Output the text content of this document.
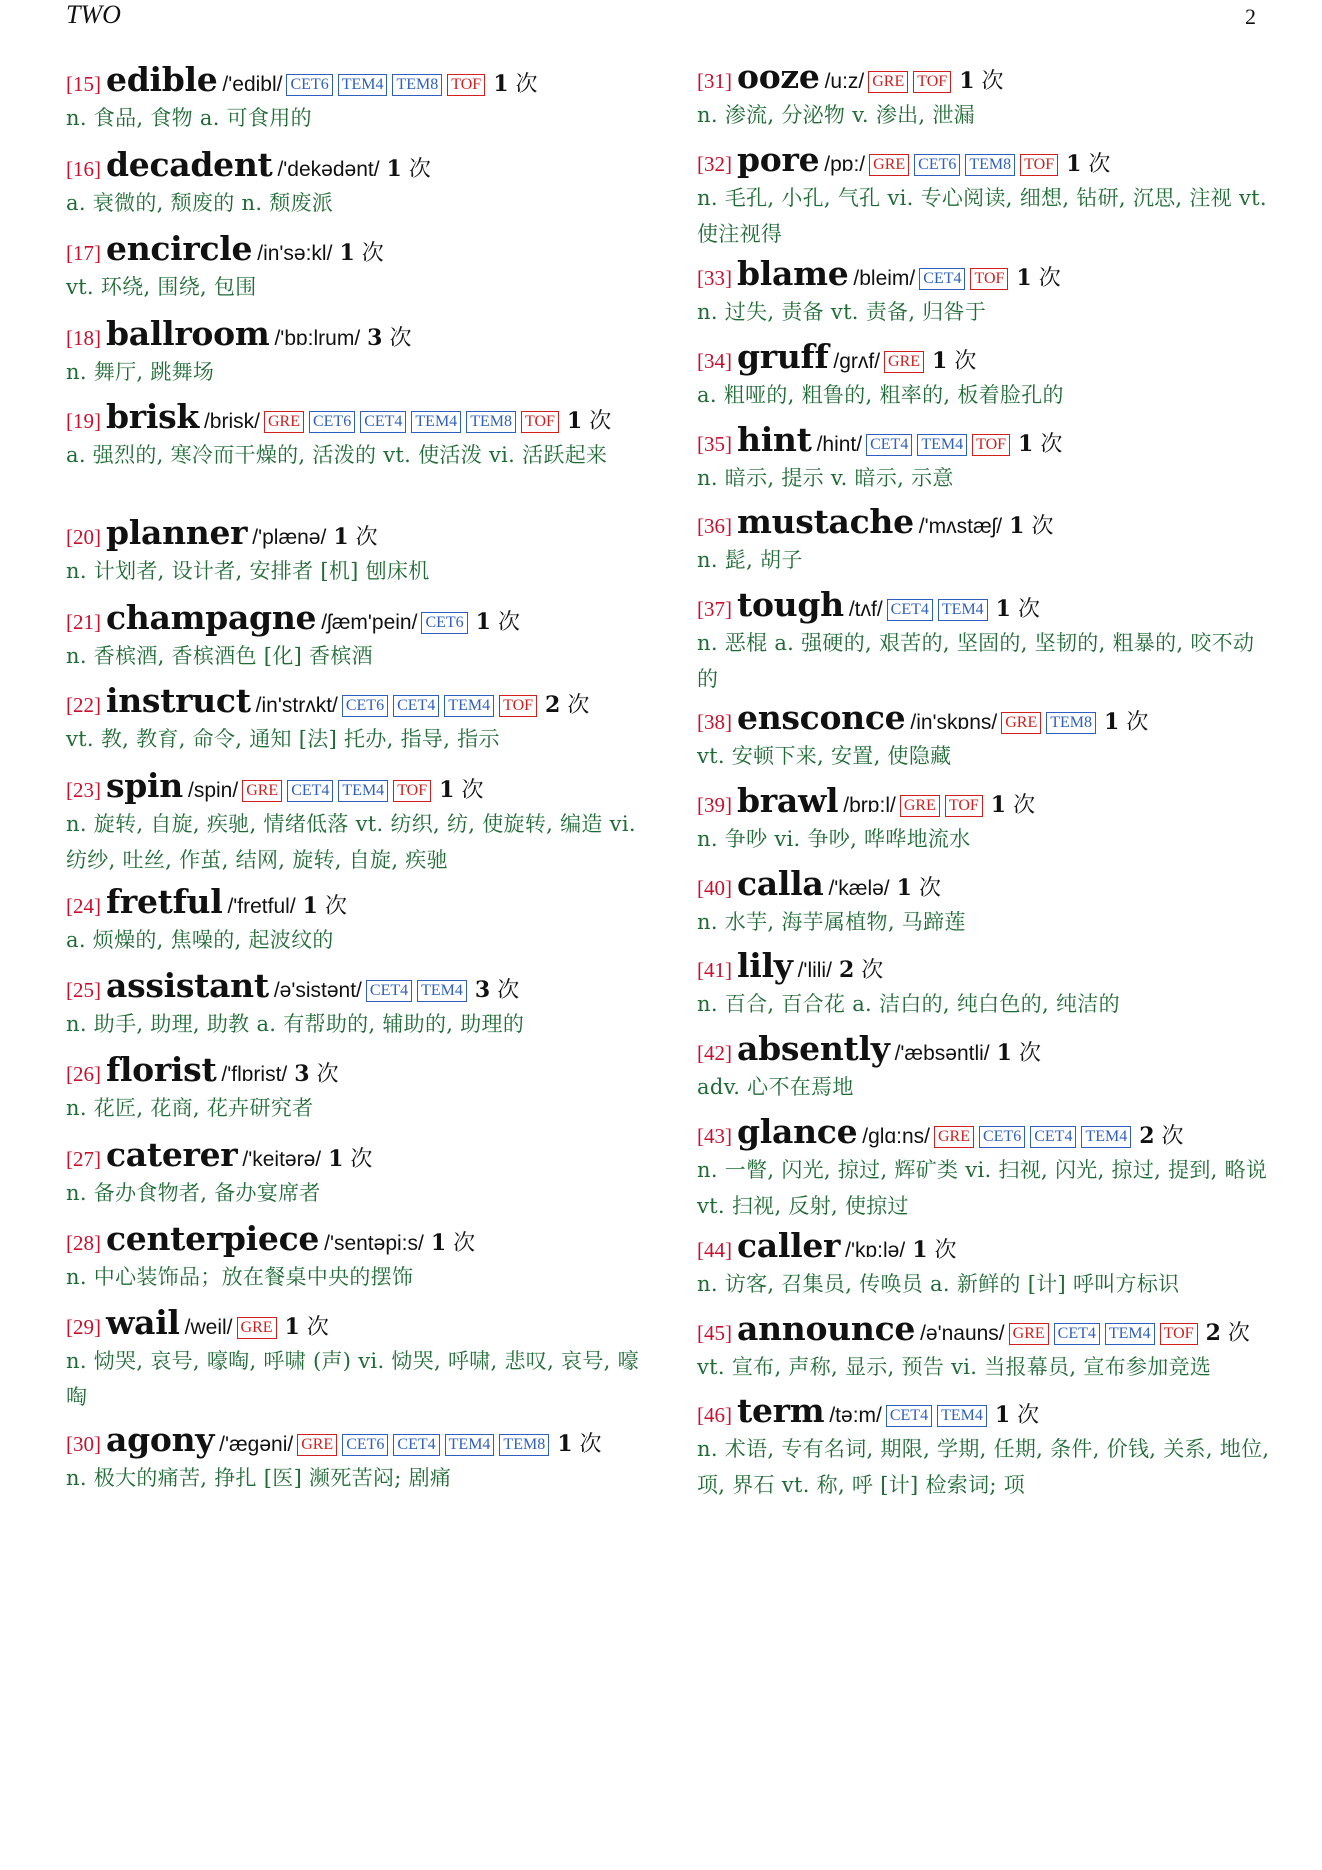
TWO	2
[15] edible /'edibl/ CET6 TEM4 TEM8 TOF 1 次
n. 食品, 食物 a. 可食用的
[16] decadent /'dekədənt/ 1 次
a. 衰微的, 颓废的 n. 颓废派
[17] encircle /in'sə:kl/ 1 次
vt. 环绕, 围绕, 包围
[18] ballroom /'bɒ:lrum/ 3 次
n. 舞厅, 跳舞场
[19] brisk /brisk/ GRE CET6 CET4 TEM4 TEM8 TOF 1 次
a. 强烈的, 寒冷而干燥的, 活泼的 vt. 使活泼 vi. 活跃起来
[20] planner /'plænə/ 1 次
n. 计划者, 设计者, 安排者 [机] 刨床机
[21] champagne /ʃæm'pein/ CET6 1 次
n. 香槟酒, 香槟酒色 [化] 香槟酒
[22] instruct /in'strʌkt/ CET6 CET4 TEM4 TOF 2 次
vt. 教, 教育, 命令, 通知 [法] 托办, 指导, 指示
[23] spin /spin/ GRE CET4 TEM4 TOF 1 次
n. 旋转, 自旋, 疾驰, 情绪低落 vt. 纺织, 纺, 使旋转, 编造 vi. 纺纱, 吐丝, 作茧, 结网, 旋转, 自旋, 疾驰
[24] fretful /'fretful/ 1 次
a. 烦燥的, 焦噪的, 起波纹的
[25] assistant /ə'sistənt/ CET4 TEM4 3 次
n. 助手, 助理, 助教 a. 有帮助的, 辅助的, 助理的
[26] florist /'flɒrist/ 3 次
n. 花匠, 花商, 花卉研究者
[27] caterer /'keitərə/ 1 次
n. 备办食物者, 备办宴席者
[28] centerpiece /'sentəpi:s/ 1 次
n. 中心装饰品；放在餐桌中央的摆饰
[29] wail /weil/ GRE 1 次
n. 恸哭, 哀号, 嚎啕, 呼啸 (声) vi. 恸哭, 呼啸, 悲叹, 哀号, 嚎啕
[30] agony /'ægəni/ GRE CET6 CET4 TEM4 TEM8 1 次
n. 极大的痛苦, 挣扎 [医] 濒死苦闷; 剧痛
[31] ooze /u:z/ GRE TOF 1 次
n. 渗流, 分泌物 v. 渗出, 泄漏
[32] pore /pɒ:/ GRE CET6 TEM8 TOF 1 次
n. 毛孔, 小孔, 气孔 vi. 专心阅读, 细想, 钻研, 沉思, 注视 vt. 使注视得
[33] blame /bleim/ CET4 TOF 1 次
n. 过失, 责备 vt. 责备, 归咎于
[34] gruff /grʌf/ GRE 1 次
a. 粗哑的, 粗鲁的, 粗率的, 板着脸孔的
[35] hint /hint/ CET4 TEM4 TOF 1 次
n. 暗示, 提示 v. 暗示, 示意
[36] mustache /'mʌstæʃ/ 1 次
n. 髭, 胡子
[37] tough /tʌf/ CET4 TEM4 1 次
n. 恶棍 a. 强硬的, 艰苦的, 坚固的, 坚韧的, 粗暴的, 咬不动的
[38] ensconce /in'skɒns/ GRE TEM8 1 次
vt. 安顿下来, 安置, 使隐藏
[39] brawl /brɒ:l/ GRE TOF 1 次
n. 争吵 vi. 争吵, 哗哗地流水
[40] calla /'kælə/ 1 次
n. 水芋, 海芋属植物, 马蹄莲
[41] lily /'lili/ 2 次
n. 百合, 百合花 a. 洁白的, 纯白色的, 纯洁的
[42] absently /'æbsəntli/ 1 次
adv. 心不在焉地
[43] glance /glɑ:ns/ GRE CET6 CET4 TEM4 2 次
n. 一瞥, 闪光, 掠过, 辉矿类 vi. 扫视, 闪光, 掠过, 提到, 略说 vt. 扫视, 反射, 使掠过
[44] caller /'kɒ:lə/ 1 次
n. 访客, 召集员, 传唤员 a. 新鲜的 [计] 呼叫方标识
[45] announce /ə'nauns/ GRE CET4 TEM4 TOF 2 次
vt. 宣布, 声称, 显示, 预告 vi. 当报幕员, 宣布参加竞选
[46] term /tə:m/ CET4 TEM4 1 次
n. 术语, 专有名词, 期限, 学期, 任期, 条件, 价钱, 关系, 地位, 项, 界石 vt. 称, 呼 [计] 检索词; 项
